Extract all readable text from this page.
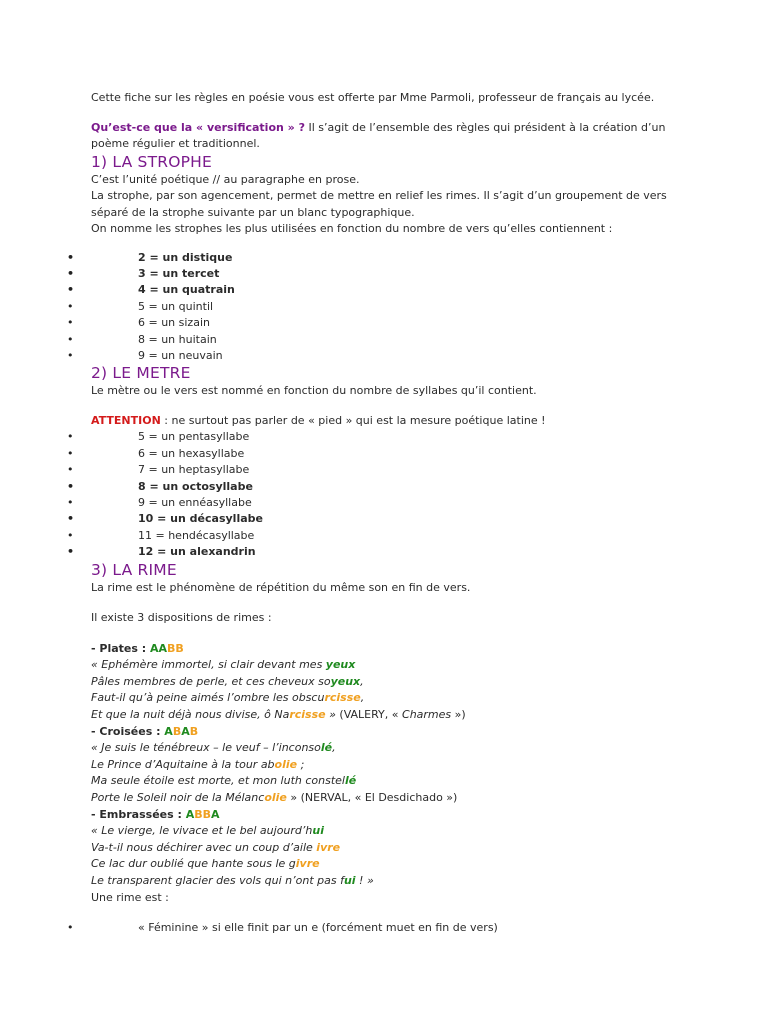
Cette fiche sur les règles en poésie vous est offerte par Mme Parmoli, professeur de français au lycée.

Qu’est-ce que la « versification » ? Il s’agit de l’ensemble des règles qui président à la création d’un

poème régulier et traditionnel.

1) LA STROPHE

C’est l’unité poétique // au paragraphe en prose.

La strophe, par son agencement, permet de mettre en relief les rimes. Il s’agit d’un groupement de vers

séparé de la strophe suivante par un blanc typographique.

On nomme les strophes les plus utilisées en fonction du nombre de vers qu’elles contiennent :

• 2 = un distique
• 3 = un tercet
• 4 = un quatrain
• 5 = un quintil
• 6 = un sizain
• 8 = un huitain
• 9 = un neuvain
2) LE METRE

Le mètre ou le vers est nommé en fonction du nombre de syllabes qu’il contient.

ATTENTION : ne surtout pas parler de « pied » qui est la mesure poétique latine !

• 5 = un pentasyllabe
• 6 = un hexasyllabe
• 7 = un heptasyllabe
• 8 = un octosyllabe
• 9 = un ennéasyllabe
• 10 = un décasyllabe
• 11 = hendécasyllabe
• 12 = un alexandrin
3) LA RIME

La rime est le phénomène de répétition du même son en fin de vers.

Il existe 3 dispositions de rimes :

- Plates : AABB

« Ephémère immortel, si clair devant mes yeux

Pâles membres de perle, et ces cheveux soyeux,

Faut-il qu’à peine aimés l’ombre les obscurcisse,

Et que la nuit déjà nous divise, ô Narcisse » (VALERY, « Charmes »)

- Croisées : ABAB

« Je suis le ténébreux – le veuf – l’inconsolé,

Le Prince d’Aquitaine à la tour abolie ;

Ma seule étoile est morte, et mon luth constellé

Porte le Soleil noir de la Mélancolie » (NERVAL, « El Desdichado »)

- Embrassées : ABBA

« Le vierge, le vivace et le bel aujourd’hui

Va-t-il nous déchirer avec un coup d’aile ivre

Ce lac dur oublié que hante sous le givre

Le transparent glacier des vols qui n’ont pas fui ! »

Une rime est :

• « Féminine » si elle finit par un e (forcément muet en fin de vers)
